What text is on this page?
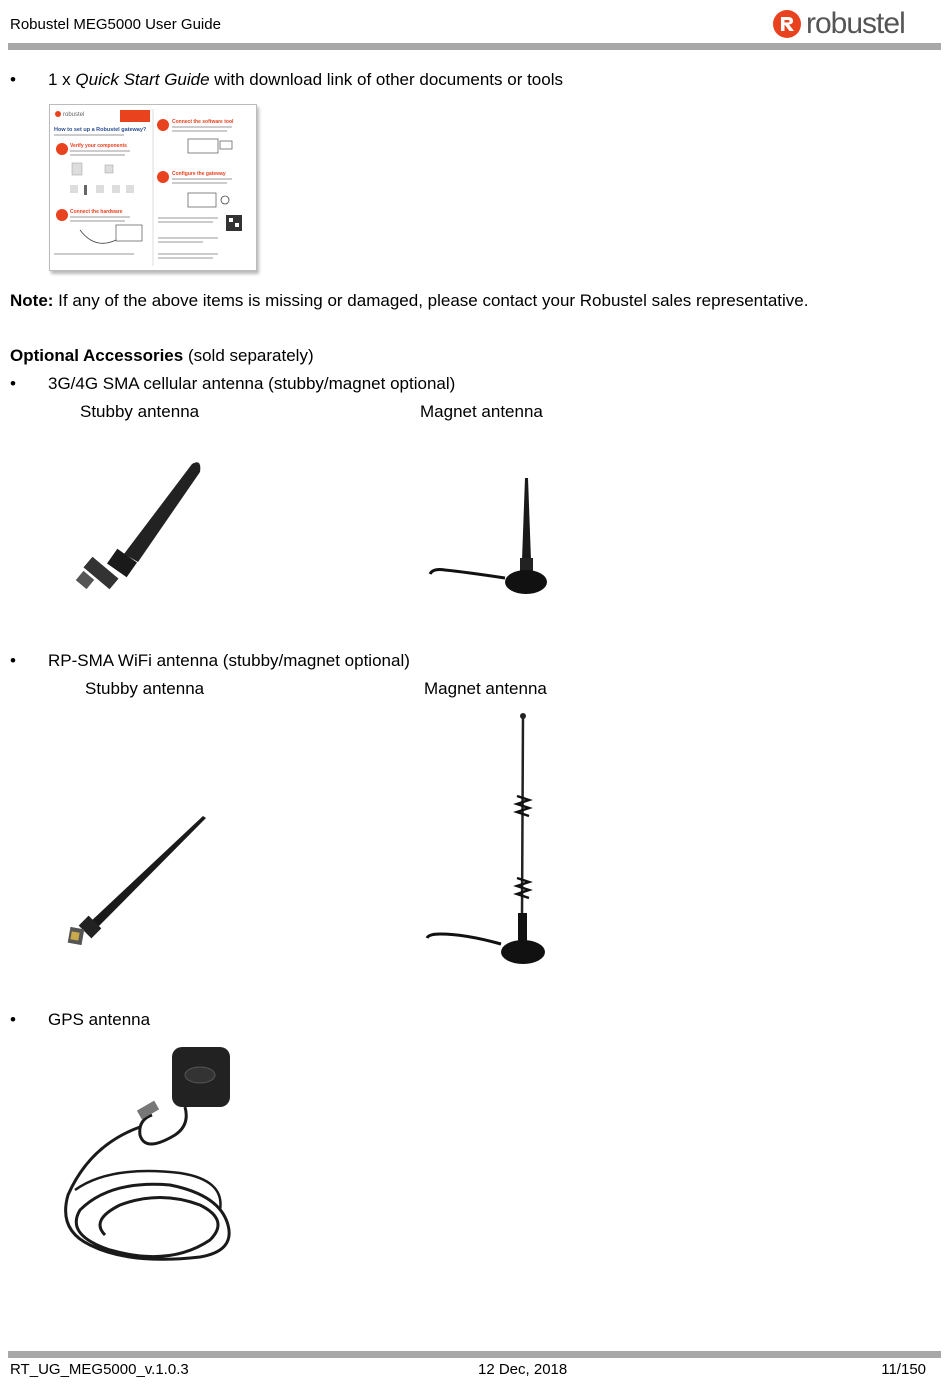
Robustel MEG5000 User Guide	robustel
• 1 x Quick Start Guide with download link of other documents or tools
robustel
How to set up a Robustel gateway?
Verify your components
Connect the hardware
Connect the software tool
Configure the gateway
Note: If any of the above items is missing or damaged, please contact your Robustel sales representative.
Optional Accessories (sold separately)
• 3G/4G SMA cellular antenna (stubby/magnet optional)
Stubby antenna	Magnet antenna
• RP-SMA WiFi antenna (stubby/magnet optional)
Stubby antenna	Magnet antenna
• GPS antenna
RT_UG_MEG5000_v.1.0.3	12 Dec, 2018	11/150
